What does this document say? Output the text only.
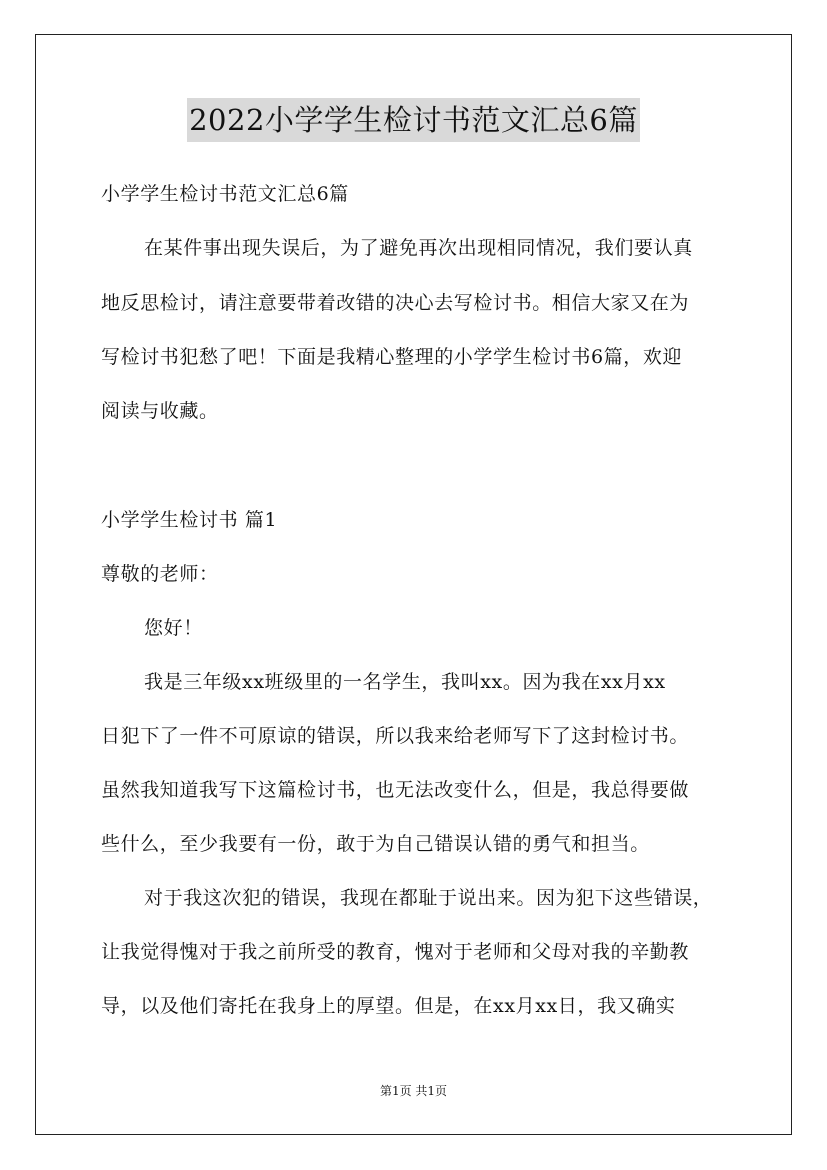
2022小学学生检讨书范文汇总6篇
小学学生检讨书范文汇总6篇
在某件事出现失误后，为了避免再次出现相同情况，我们要认真
地反思检讨，请注意要带着改错的决心去写检讨书。相信大家又在为
写检讨书犯愁了吧！下面是我精心整理的小学学生检讨书6篇，欢迎
阅读与收藏。
小学学生检讨书 篇1
尊敬的老师：
您好！
我是三年级xx班级里的一名学生，我叫xx。因为我在xx月xx
日犯下了一件不可原谅的错误，所以我来给老师写下了这封检讨书。
虽然我知道我写下这篇检讨书，也无法改变什么，但是，我总得要做
些什么，至少我要有一份，敢于为自己错误认错的勇气和担当。
对于我这次犯的错误，我现在都耻于说出来。因为犯下这些错误，
让我觉得愧对于我之前所受的教育，愧对于老师和父母对我的辛勤教
导，以及他们寄托在我身上的厚望。但是，在xx月xx日，我又确实
第1页 共1页
